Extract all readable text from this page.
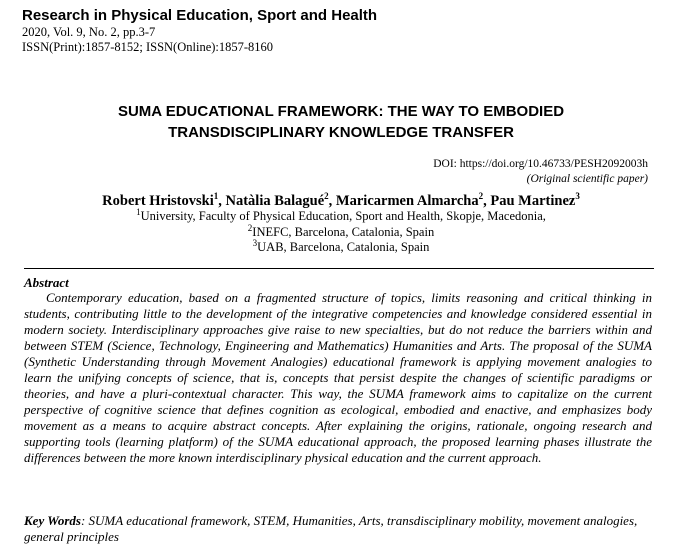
Research in Physical Education, Sport and Health
2020, Vol. 9, No. 2, pp.3-7
ISSN(Print):1857-8152; ISSN(Online):1857-8160
SUMA EDUCATIONAL FRAMEWORK: THE WAY TO EMBODIED
TRANSDISCIPLINARY KNOWLEDGE TRANSFER
DOI: https://doi.org/10.46733/PESH2092003h
(Original scientific paper)
Robert Hristovski$^1$, Natàlia Balagué$^2$, Maricarmen Almarcha$^2$, Pau Martinez$^3$
$^1$University, Faculty of Physical Education, Sport and Health, Skopje, Macedonia,
$^2$INEFC, Barcelona, Catalonia, Spain
$^3$UAB, Barcelona, Catalonia, Spain
Abstract

Contemporary education, based on a fragmented structure of topics, limits reasoning and critical thinking in students, contributing little to the development of the integrative competencies and knowledge considered essential in modern society. Interdisciplinary approaches give raise to new specialties, but do not reduce the barriers within and between STEM (Science, Technology, Engineering and Mathematics) Humanities and Arts. The proposal of the SUMA (Synthetic Understanding through Movement Analogies) educational framework is applying movement analogies to learn the unifying concepts of science, that is, concepts that persist despite the changes of scientific paradigms or theories, and have a pluri-contextual character. This way, the SUMA framework aims to capitalize on the current perspective of cognitive science that defines cognition as ecological, embodied and enactive, and emphasizes body movement as a means to acquire abstract concepts. After explaining the origins, rationale, ongoing research and supporting tools (learning platform) of the SUMA educational approach, the proposed learning phases illustrate the differences between the more known interdisciplinary physical education and the current approach.

Key Words: SUMA educational framework, STEM, Humanities, Arts, transdisciplinary mobility, movement analogies, general principles
